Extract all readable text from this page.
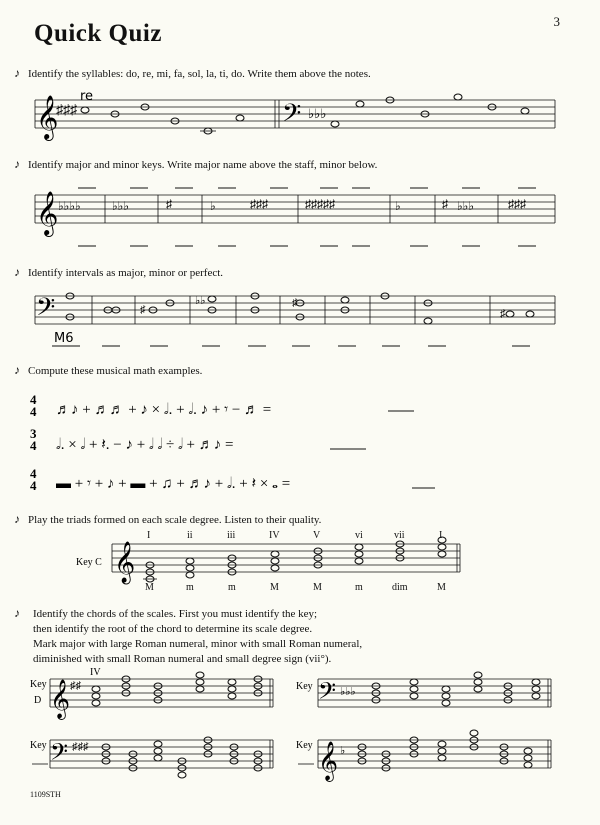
3
Quick Quiz
♪ Identify the syllables: do, re, mi, fa, sol, la, ti, do. Write them above the notes.
𝄞
♯♯♯	𝄢 ♭♭♭
re
♪ Identify major and minor keys. Write major name above the staff, minor below.
𝄞 ♭♭♭♭	♭♭♭	♯	♭	♯♯♯	♯♯♯♯♯	♭	♯ ♭♭♭	♯♯♯
♪ Identify intervals as major, minor or perfect.
𝄢	♯
♭♭	♯
♯
M6
♪ Compute these musical math examples.
4
4
3
4
4
4
♬♪ + ♬♬ + ♪ × 𝅗𝅥. + 𝅗𝅥. ♪ + 𝄾 − ♬ =
𝅗𝅥. × 𝅗𝅥 + 𝄽. − ♪ + 𝅗𝅥 𝅗𝅥 ÷ 𝅗𝅥 + ♬♪ =
▬ + 𝄾 + ♪ + ▬ + ♫ + ♬♪ + 𝅗𝅥. + 𝄽 × 𝅝 =
♪ Play the triads formed on each scale degree. Listen to their quality.
𝄞
Key C
I	ii	iii	IV	V	vi	vii	I
M	m	m	M	M	m	dim	M
♪ Identify the chords of the scales. First you must identify the key;
then identify the root of the chord to determine its scale degree.
Mark major with large Roman numeral, minor with small Roman numeral,
diminished with small Roman numeral and small degree sign (vii°).
𝄞 ♯♯
Key
D
IV
Key 𝄢 ♭♭♭
Key 𝄢 ♯♯♯	Key 𝄞 ♭
1109STH
